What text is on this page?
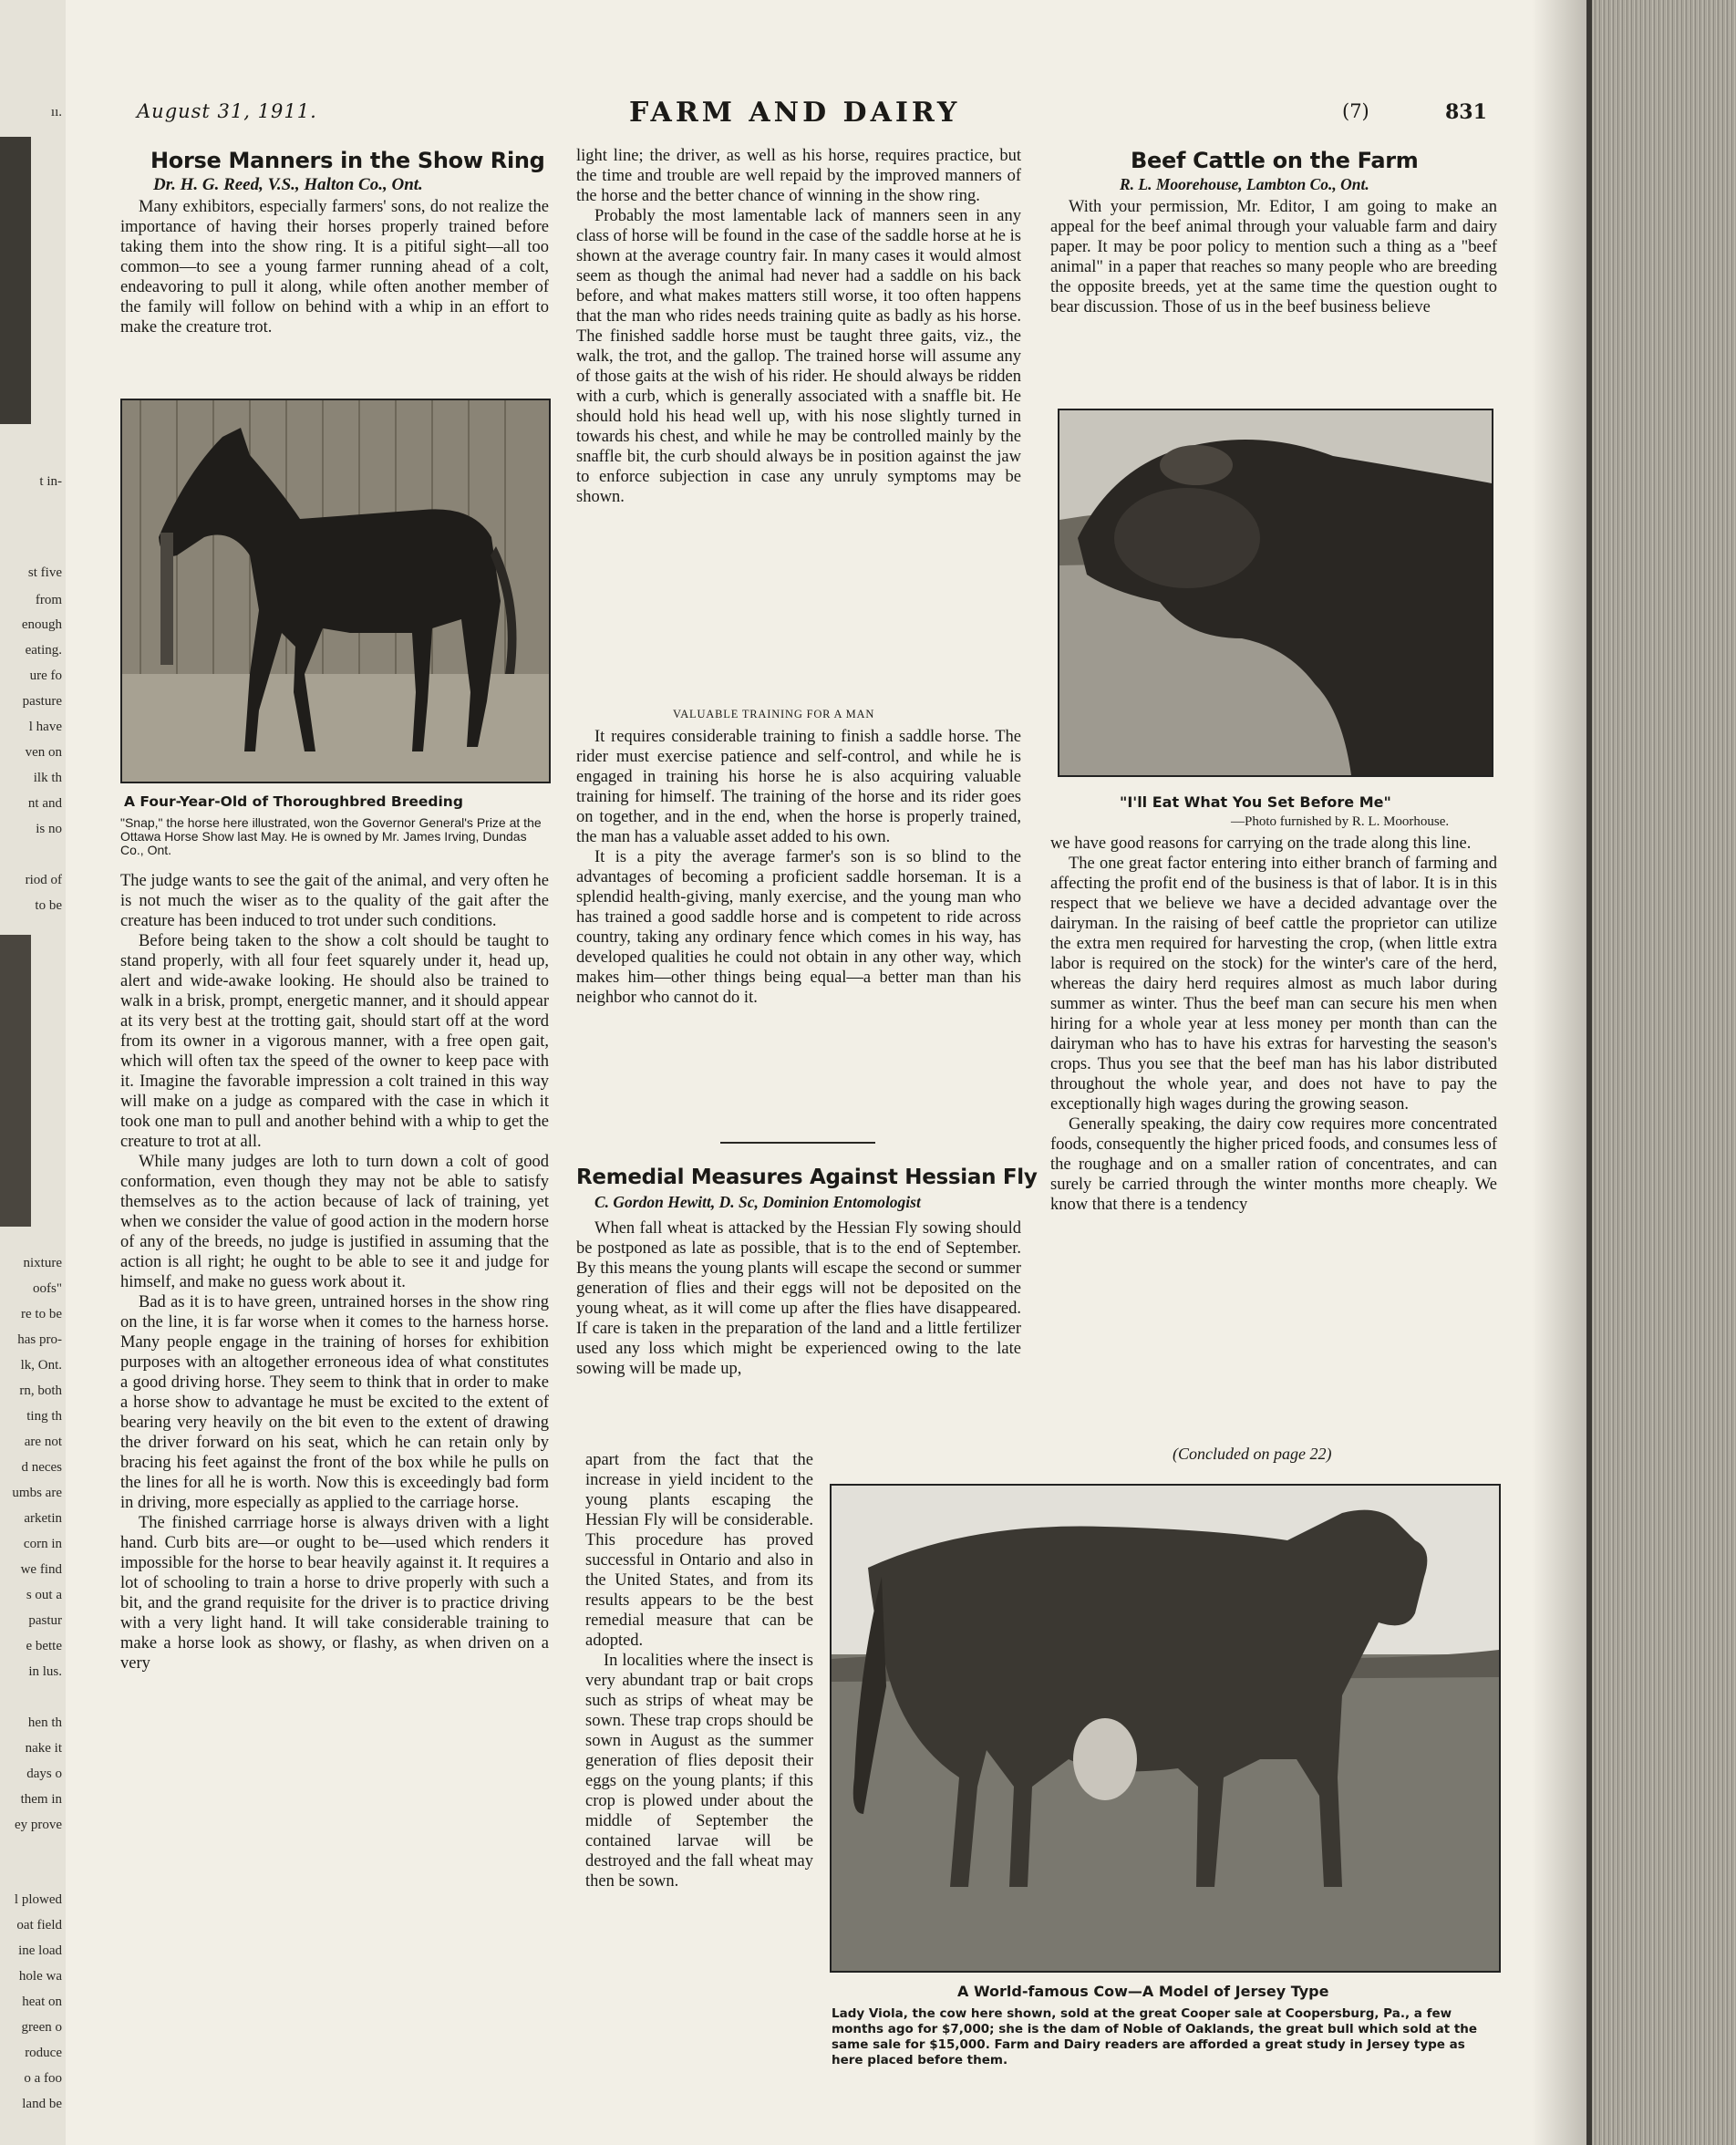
ıı.
t in-
st five
from
enough
eating.
ure fo
pasture
l have
ven on
ilk th
nt and
is no
riod of
to be
nixture
oofs"
re to be
has pro-
lk, Ont.
rn, both
ting th
are not
d neces
umbs are
arketin
corn in
we find
s out a
pastur
e bette
in lus.
hen th
nake it
days o
them in
ey prove
l plowed
oat field
ine load
hole wa
heat on
green o
roduce
o a foo
land be
August 31, 1911.	FARM AND DAIRY	(7)	831
Horse Manners in the Show Ring
Dr. H. G. Reed, V.S., Halton Co., Ont.

Many exhibitors, especially farmers' sons, do not realize the importance of having their horses properly trained before taking them into the show ring. It is a pitiful sight—all too common—to see a young farmer running ahead of a colt, endeavoring to pull it along, while often another member of the family will follow on behind with a whip in an effort to make the creature trot.

A Four-Year-Old of Thoroughbred Breeding
"Snap," the horse here illustrated, won the Governor General's Prize at the Ottawa Horse Show last May. He is owned by Mr. James Irving, Dundas Co., Ont.

The judge wants to see the gait of the animal, and very often he is not much the wiser as to the quality of the gait after the creature has been induced to trot under such conditions.

Before being taken to the show a colt should be taught to stand properly, with all four feet squarely under it, head up, alert and wide-awake looking. He should also be trained to walk in a brisk, prompt, energetic manner, and it should appear at its very best at the trotting gait, should start off at the word from its owner in a vigorous manner, with a free open gait, which will often tax the speed of the owner to keep pace with it. Imagine the favorable impression a colt trained in this way will make on a judge as compared with the case in which it took one man to pull and another behind with a whip to get the creature to trot at all.

While many judges are loth to turn down a colt of good conformation, even though they may not be able to satisfy themselves as to the action because of lack of training, yet when we consider the value of good action in the modern horse of any of the breeds, no judge is justified in assuming that the action is all right; he ought to be able to see it and judge for himself, and make no guess work about it.

Bad as it is to have green, untrained horses in the show ring on the line, it is far worse when it comes to the harness horse. Many people engage in the training of horses for exhibition purposes with an altogether erroneous idea of what constitutes a good driving horse. They seem to think that in order to make a horse show to advantage he must be excited to the extent of bearing very heavily on the bit even to the extent of drawing the driver forward on his seat, which he can retain only by bracing his feet against the front of the box while he pulls on the lines for all he is worth. Now this is exceedingly bad form in driving, more especially as applied to the carriage horse.

The finished carrriage horse is always driven with a light hand. Curb bits are—or ought to be—used which renders it impossible for the horse to bear heavily against it. It requires a lot of schooling to train a horse to drive properly with such a bit, and the grand requisite for the driver is to practice driving with a very light hand. It will take considerable training to make a horse look as showy, or flashy, as when driven on a very

light line; the driver, as well as his horse, requires practice, but the time and trouble are well repaid by the improved manners of the horse and the better chance of winning in the show ring.

Probably the most lamentable lack of manners seen in any class of horse will be found in the case of the saddle horse at he is shown at the average country fair. In many cases it would almost seem as though the animal had never had a saddle on his back before, and what makes matters still worse, it too often happens that the man who rides needs training quite as badly as his horse. The finished saddle horse must be taught three gaits, viz., the walk, the trot, and the gallop. The trained horse will assume any of those gaits at the wish of his rider. He should always be ridden with a curb, which is generally associated with a snaffle bit. He should hold his head well up, with his nose slightly turned in towards his chest, and while he may be controlled mainly by the snaffle bit, the curb should always be in position against the jaw to enforce subjection in case any unruly symptoms may be shown.

VALUABLE TRAINING FOR A MAN

It requires considerable training to finish a saddle horse. The rider must exercise patience and self-control, and while he is engaged in training his horse he is also acquiring valuable training for himself. The training of the horse and its rider goes on together, and in the end, when the horse is properly trained, the man has a valuable asset added to his own.

It is a pity the average farmer's son is so blind to the advantages of becoming a proficient saddle horseman. It is a splendid health-giving, manly exercise, and the young man who has trained a good saddle horse and is competent to ride across country, taking any ordinary fence which comes in his way, has developed qualities he could not obtain in any other way, which makes him—other things being equal—a better man than his neighbor who cannot do it.

Remedial Measures Against Hessian Fly
C. Gordon Hewitt, D. Sc, Dominion Entomologist

When fall wheat is attacked by the Hessian Fly sowing should be postponed as late as possible, that is to the end of September. By this means the young plants will escape the second or summer generation of flies and their eggs will not be deposited on the young wheat, as it will come up after the flies have disappeared. If care is taken in the preparation of the land and a little fertilizer used any loss which might be experienced owing to the late sowing will be made up,

apart from the fact that the increase in yield incident to the young plants escaping the Hessian Fly will be considerable. This procedure has proved successful in Ontario and also in the United States, and from its results appears to be the best remedial measure that can be adopted.

In localities where the insect is very abundant trap or bait crops such as strips of wheat may be sown. These trap crops should be sown in August as the summer generation of flies deposit their eggs on the young plants; if this crop is plowed under about the middle of September the contained larvae will be destroyed and the fall wheat may then be sown.

Beef Cattle on the Farm
R. L. Moorehouse, Lambton Co., Ont.

With your permission, Mr. Editor, I am going to make an appeal for the beef animal through your valuable farm and dairy paper. It may be poor policy to mention such a thing as a "beef animal" in a paper that reaches so many people who are breeding the opposite breeds, yet at the same time the question ought to bear discussion. Those of us in the beef business believe

"I'll Eat What You Set Before Me"
—Photo furnished by R. L. Moorhouse.

we have good reasons for carrying on the trade along this line.

The one great factor entering into either branch of farming and affecting the profit end of the business is that of labor. It is in this respect that we believe we have a decided advantage over the dairyman. In the raising of beef cattle the proprietor can utilize the extra men required for harvesting the crop, (when little extra labor is required on the stock) for the winter's care of the herd, whereas the dairy herd requires almost as much labor during summer as winter. Thus the beef man can secure his men when hiring for a whole year at less money per month than can the dairyman who has to have his extras for harvesting the season's crops. Thus you see that the beef man has his labor distributed throughout the whole year, and does not have to pay the exceptionally high wages during the growing season.

Generally speaking, the dairy cow requires more concentrated foods, consequently the higher priced foods, and consumes less of the roughage and on a smaller ration of concentrates, and can surely be carried through the winter months more cheaply. We know that there is a tendency

(Concluded on page 22)
A World-famous Cow—A Model of Jersey Type
Lady Viola, the cow here shown, sold at the great Cooper sale at Coopersburg, Pa., a few months ago for $7,000; she is the dam of Noble of Oaklands, the great bull which sold at the same sale for $15,000. Farm and Dairy readers are afforded a great study in Jersey type as here placed before them.
